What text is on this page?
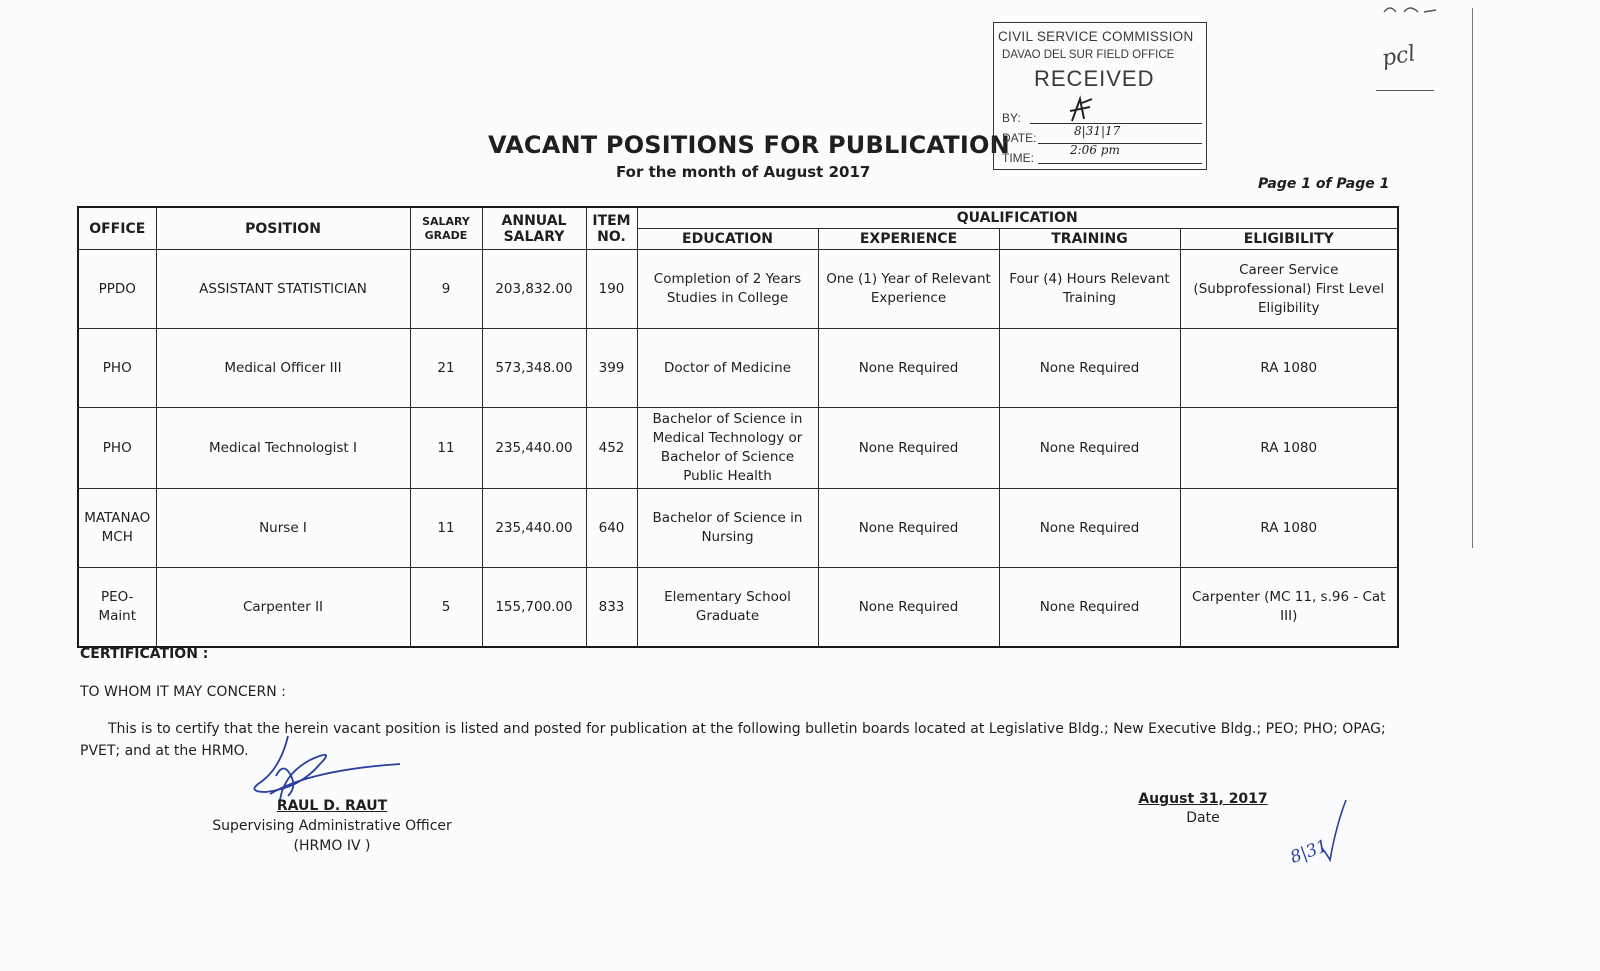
VACANT POSITIONS FOR PUBLICATION
For the month of August 2017
Page 1 of Page 1
CIVIL SERVICE COMMISSION
DAVAO DEL SUR FIELD OFFICE
RECEIVED
BY:
DATE:
TIME:
8|31|17
2:06 pm
pcl
OFFICE	POSITION	SALARY GRADE	ANNUAL SALARY	ITEM NO.	QUALIFICATION			
					EDUCATION	EXPERIENCE	TRAINING	ELIGIBILITY
PPDO	ASSISTANT STATISTICIAN	9	203,832.00	190	Completion of 2 Years Studies in College	One (1) Year of Relevant Experience	Four (4) Hours Relevant Training	Career Service (Subprofessional) First Level Eligibility
PHO	Medical Officer III	21	573,348.00	399	Doctor of Medicine	None Required	None Required	RA 1080
PHO	Medical Technologist I	11	235,440.00	452	Bachelor of Science in Medical Technology or Bachelor of Science Public Health	None Required	None Required	RA 1080
MATANAO MCH	Nurse I	11	235,440.00	640	Bachelor of Science in Nursing	None Required	None Required	RA 1080
PEO-Maint	Carpenter II	5	155,700.00	833	Elementary School Graduate	None Required	None Required	Carpenter (MC 11, s.96 - Cat III)
CERTIFICATION :
TO WHOM IT MAY CONCERN :
This is to certify that the herein vacant position is listed and posted for publication at the following bulletin boards located at Legislative Bldg.; New Executive Bldg.; PEO; PHO; OPAG; PVET; and at the HRMO.
RAUL D. RAUT
Supervising Administrative Officer
(HRMO IV )
August 31, 2017
Date
8|31
